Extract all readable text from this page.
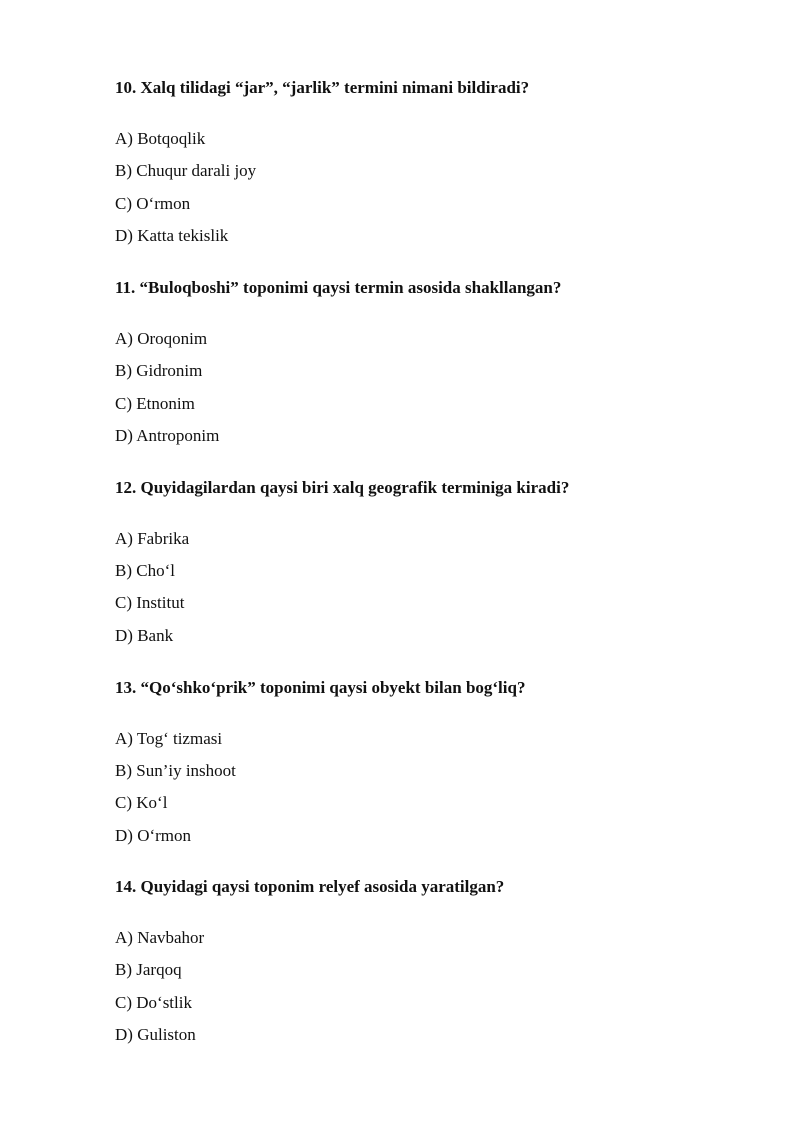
10. Xalq tilidagi “jar”, “jarlik” termini nimani bildiradi?

A) Botqoqlik
B) Chuqur darali joy
C) O‘rmon
D) Katta tekislik

11. “Buloqboshi” toponimi qaysi termin asosida shakllangan?

A) Oroqonim
B) Gidronim
C) Etnonim
D) Antroponim

12. Quyidagilardan qaysi biri xalq geografik terminiga kiradi?

A) Fabrika
B) Cho‘l
C) Institut
D) Bank

13. “Qo‘shko‘prik” toponimi qaysi obyekt bilan bog‘liq?

A) Tog‘ tizmasi
B) Sun’iy inshoot
C) Ko‘l
D) O‘rmon

14. Quyidagi qaysi toponim relyef asosida yaratilgan?

A) Navbahor
B) Jarqoq
C) Do‘stlik
D) Guliston
